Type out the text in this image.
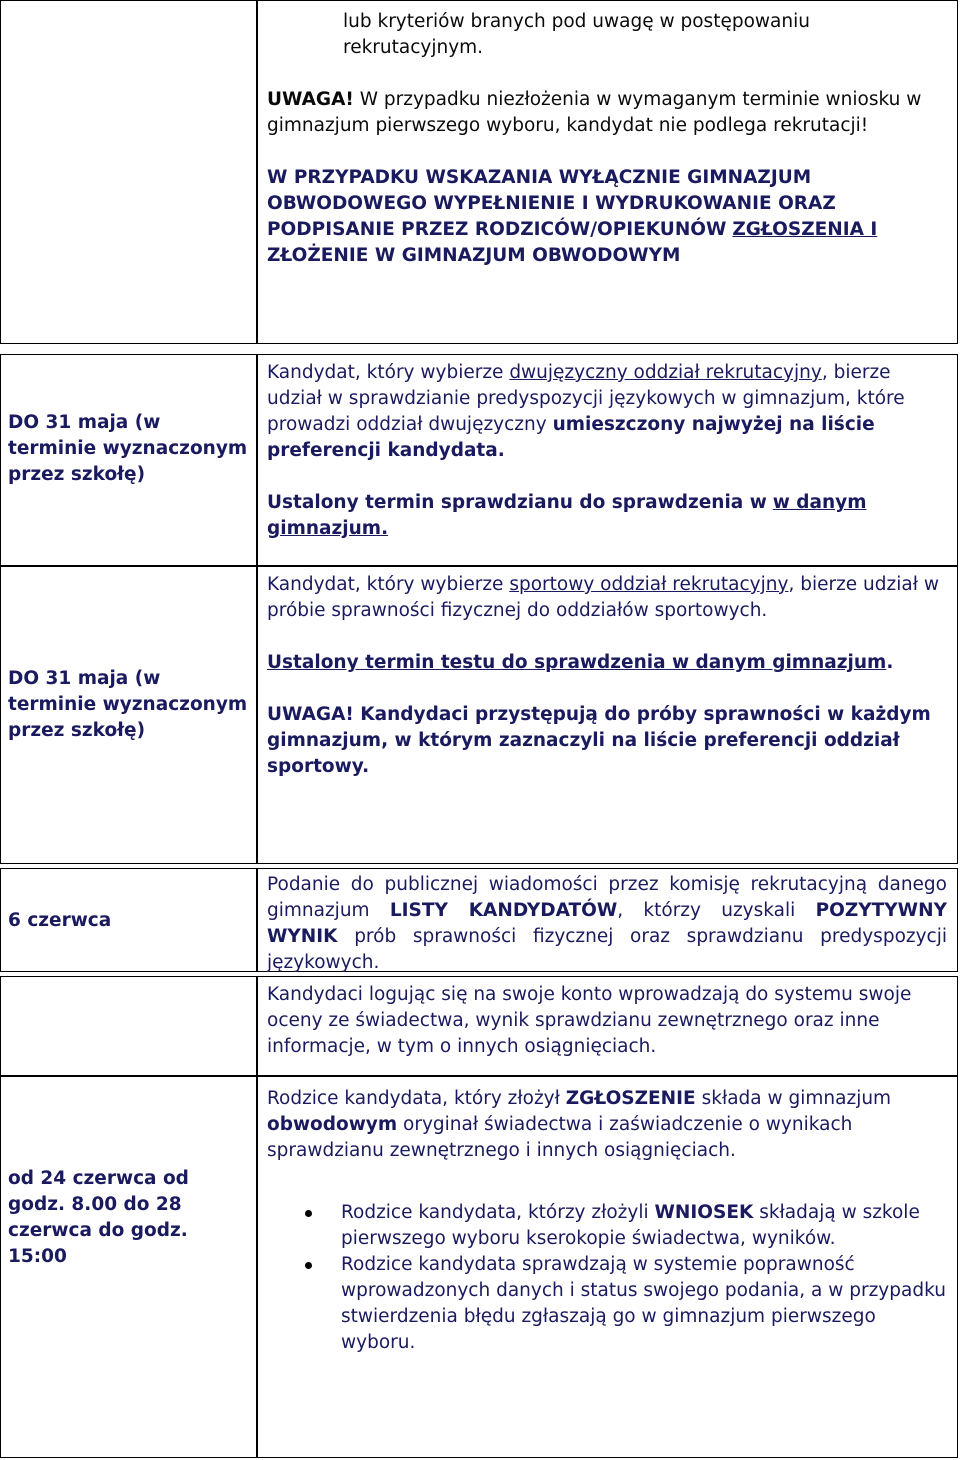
lub kryteriów branych pod uwagę w postępowaniu

rekrutacyjnym.

UWAGA! W przypadku niezłożenia w wymaganym terminie wniosku w gimnazjum pierwszego wyboru, kandydat nie podlega rekrutacji!

W PRZYPADKU WSKAZANIA WYŁĄCZNIE GIMNAZJUM OBWODOWEGO WYPEŁNIENIE I WYDRUKOWANIE ORAZ PODPISANIE PRZEZ RODZICÓW/OPIEKUNÓW ZGŁOSZENIA I ZŁOŻENIE W GIMNAZJUM OBWODOWYM

DO 31 maja (w terminie wyznaczonym przez szkołę)

Kandydat, który wybierze dwujęzyczny oddział rekrutacyjny, bierze udział w sprawdzianie predyspozycji językowych w gimnazjum, które prowadzi oddział dwujęzyczny umieszczony najwyżej na liście preferencji kandydata.

Ustalony termin sprawdzianu do sprawdzenia w w danym gimnazjum.

DO 31 maja (w terminie wyznaczonym przez szkołę)

Kandydat, który wybierze sportowy oddział rekrutacyjny, bierze udział w próbie sprawności fizycznej do oddziałów sportowych.

Ustalony termin testu do sprawdzenia w danym gimnazjum.

UWAGA! Kandydaci przystępują do próby sprawności w każdym gimnazjum, w którym zaznaczyli na liście preferencji oddział sportowy.

6 czerwca

Podanie do publicznej wiadomości przez komisję rekrutacyjną danego gimnazjum LISTY KANDYDATÓW, którzy uzyskali POZYTYWNY WYNIK prób sprawności fizycznej oraz sprawdzianu predyspozycji językowych.

Kandydaci logując się na swoje konto wprowadzają do systemu swoje oceny ze świadectwa, wynik sprawdzianu zewnętrznego oraz inne informacje, w tym o innych osiągnięciach.

od 24 czerwca od godz. 8.00 do 28 czerwca do godz. 15:00

Rodzice kandydata, który złożył ZGŁOSZENIE składa w gimnazjum obwodowym oryginał świadectwa i zaświadczenie o wynikach sprawdzianu zewnętrznego i innych osiągnięciach.

Rodzice kandydata, którzy złożyli WNIOSEK składają w szkole pierwszego wyboru kserokopie świadectwa, wyników.
Rodzice kandydata sprawdzają w systemie poprawność wprowadzonych danych i status swojego podania, a w przypadku stwierdzenia błędu zgłaszają go w gimnazjum pierwszego wyboru.
